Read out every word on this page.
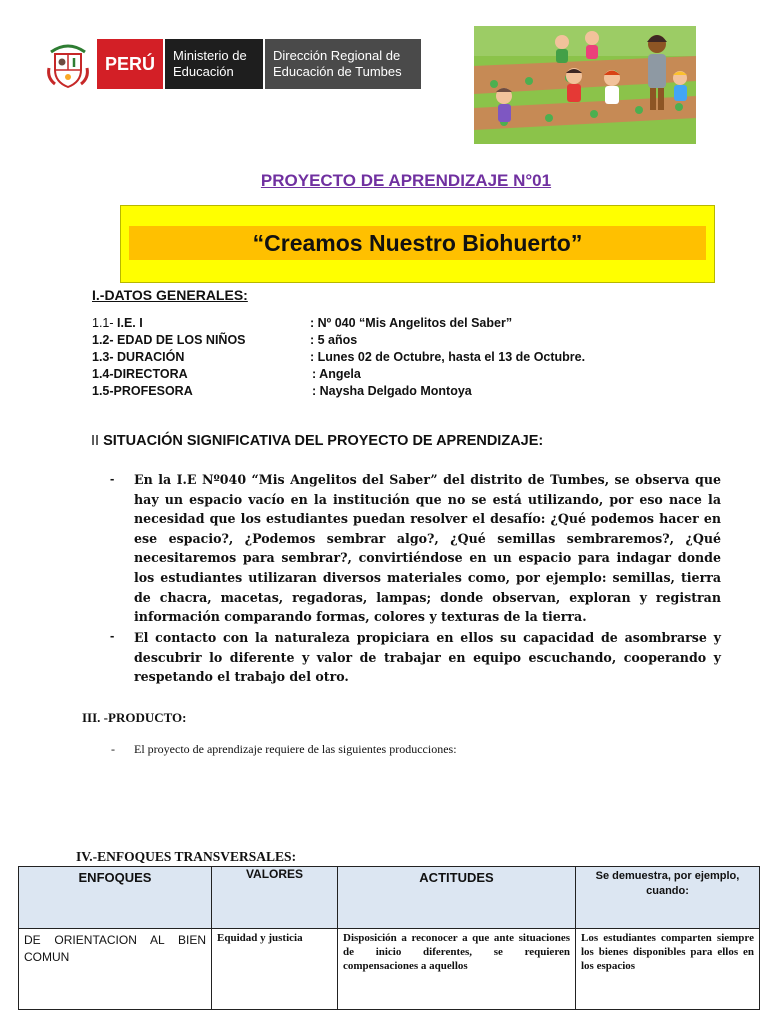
PERÚ	Ministerio de
Educación
Dirección Regional de
Educación de Tumbes
PROYECTO DE APRENDIZAJE N°01
“Creamos Nuestro Biohuerto”
I.-DATOS GENERALES:
1.1- I.E. I	: Nº 040 “Mis Angelitos del Saber”
1.2- EDAD DE LOS NIÑOS	: 5 años
1.3- DURACIÓN	: Lunes 02 de Octubre, hasta el 13 de Octubre.
1.4-DIRECTORA	: Angela
1.5-PROFESORA	: Naysha Delgado Montoya
II SITUACIÓN SIGNIFICATIVA DEL PROYECTO DE APRENDIZAJE:
- En la I.E Nº040 “Mis Angelitos del Saber” del distrito de Tumbes, se observa que hay un espacio vacío en la institución que no se está utilizando, por eso nace la necesidad que los estudiantes puedan resolver el desafío: ¿Qué podemos hacer en ese espacio?, ¿Podemos sembrar algo?, ¿Qué semillas sembraremos?, ¿Qué necesitaremos para sembrar?, convirtiéndose en un espacio para indagar donde los estudiantes utilizaran diversos materiales como, por ejemplo: semillas, tierra de chacra, macetas, regadoras, lampas; donde observan, exploran y registran información comparando formas, colores y texturas de la tierra.
- El contacto con la naturaleza propiciara en ellos su capacidad de asombrarse y descubrir lo diferente y valor de trabajar en equipo escuchando, cooperando y respetando el trabajo del otro.
III. -PRODUCTO:
- El proyecto de aprendizaje requiere de las siguientes producciones:
IV.-ENFOQUES TRANSVERSALES:
ENFOQUES	VALORES	ACTITUDES	Se demuestra, por ejemplo, cuando:
DE ORIENTACION AL BIEN COMUN	Equidad y justicia	Disposición a reconocer a que ante situaciones de inicio diferentes, se requieren compensaciones a aquellos	Los estudiantes comparten siempre los bienes disponibles para ellos en los espacios
